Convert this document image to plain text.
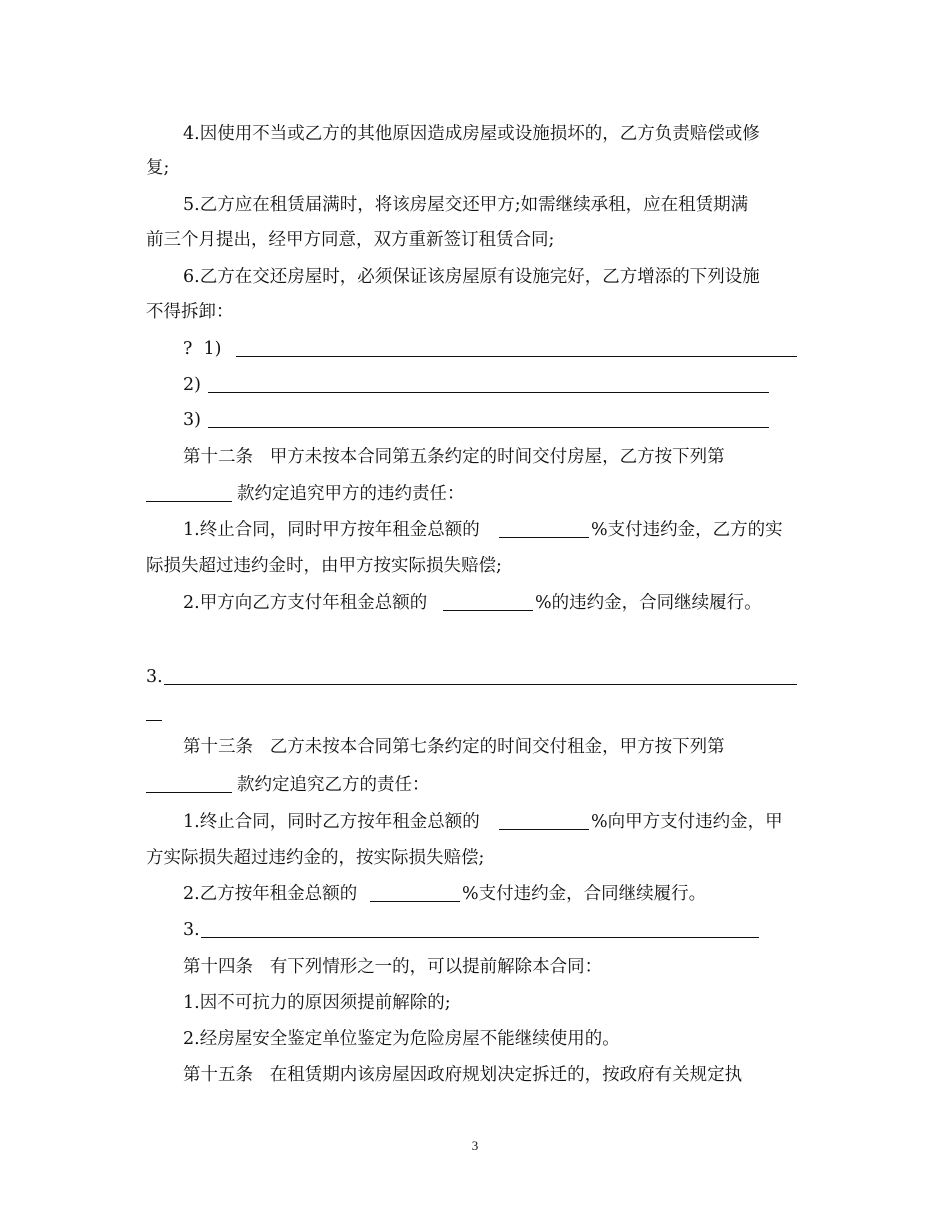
4.因使用不当或乙方的其他原因造成房屋或设施损坏的，乙方负责赔偿或修
复;
5.乙方应在租赁届满时，将该房屋交还甲方;如需继续承租，应在租赁期满
前三个月提出，经甲方同意，双方重新签订租赁合同;
6.乙方在交还房屋时，必须保证该房屋原有设施完好，乙方增添的下列设施
不得拆卸：
?  1)
2)
3)
第十二条   甲方未按本合同第五条约定的时间交付房屋，乙方按下列第
款约定追究甲方的违约责任：
1.终止合同，同时甲方按年租金总额的	%支付违约金，乙方的实
际损失超过违约金时，由甲方按实际损失赔偿;
2.甲方向乙方支付年租金总额的	%的违约金，合同继续履行。
3.
第十三条   乙方未按本合同第七条约定的时间交付租金，甲方按下列第
款约定追究乙方的责任：
1.终止合同，同时乙方按年租金总额的	%向甲方支付违约金，甲
方实际损失超过违约金的，按实际损失赔偿;
2.乙方按年租金总额的	%支付违约金，合同继续履行。
3.
第十四条   有下列情形之一的，可以提前解除本合同：
1.因不可抗力的原因须提前解除的;
2.经房屋安全鉴定单位鉴定为危险房屋不能继续使用的。
第十五条   在租赁期内该房屋因政府规划决定拆迁的，按政府有关规定执
3
